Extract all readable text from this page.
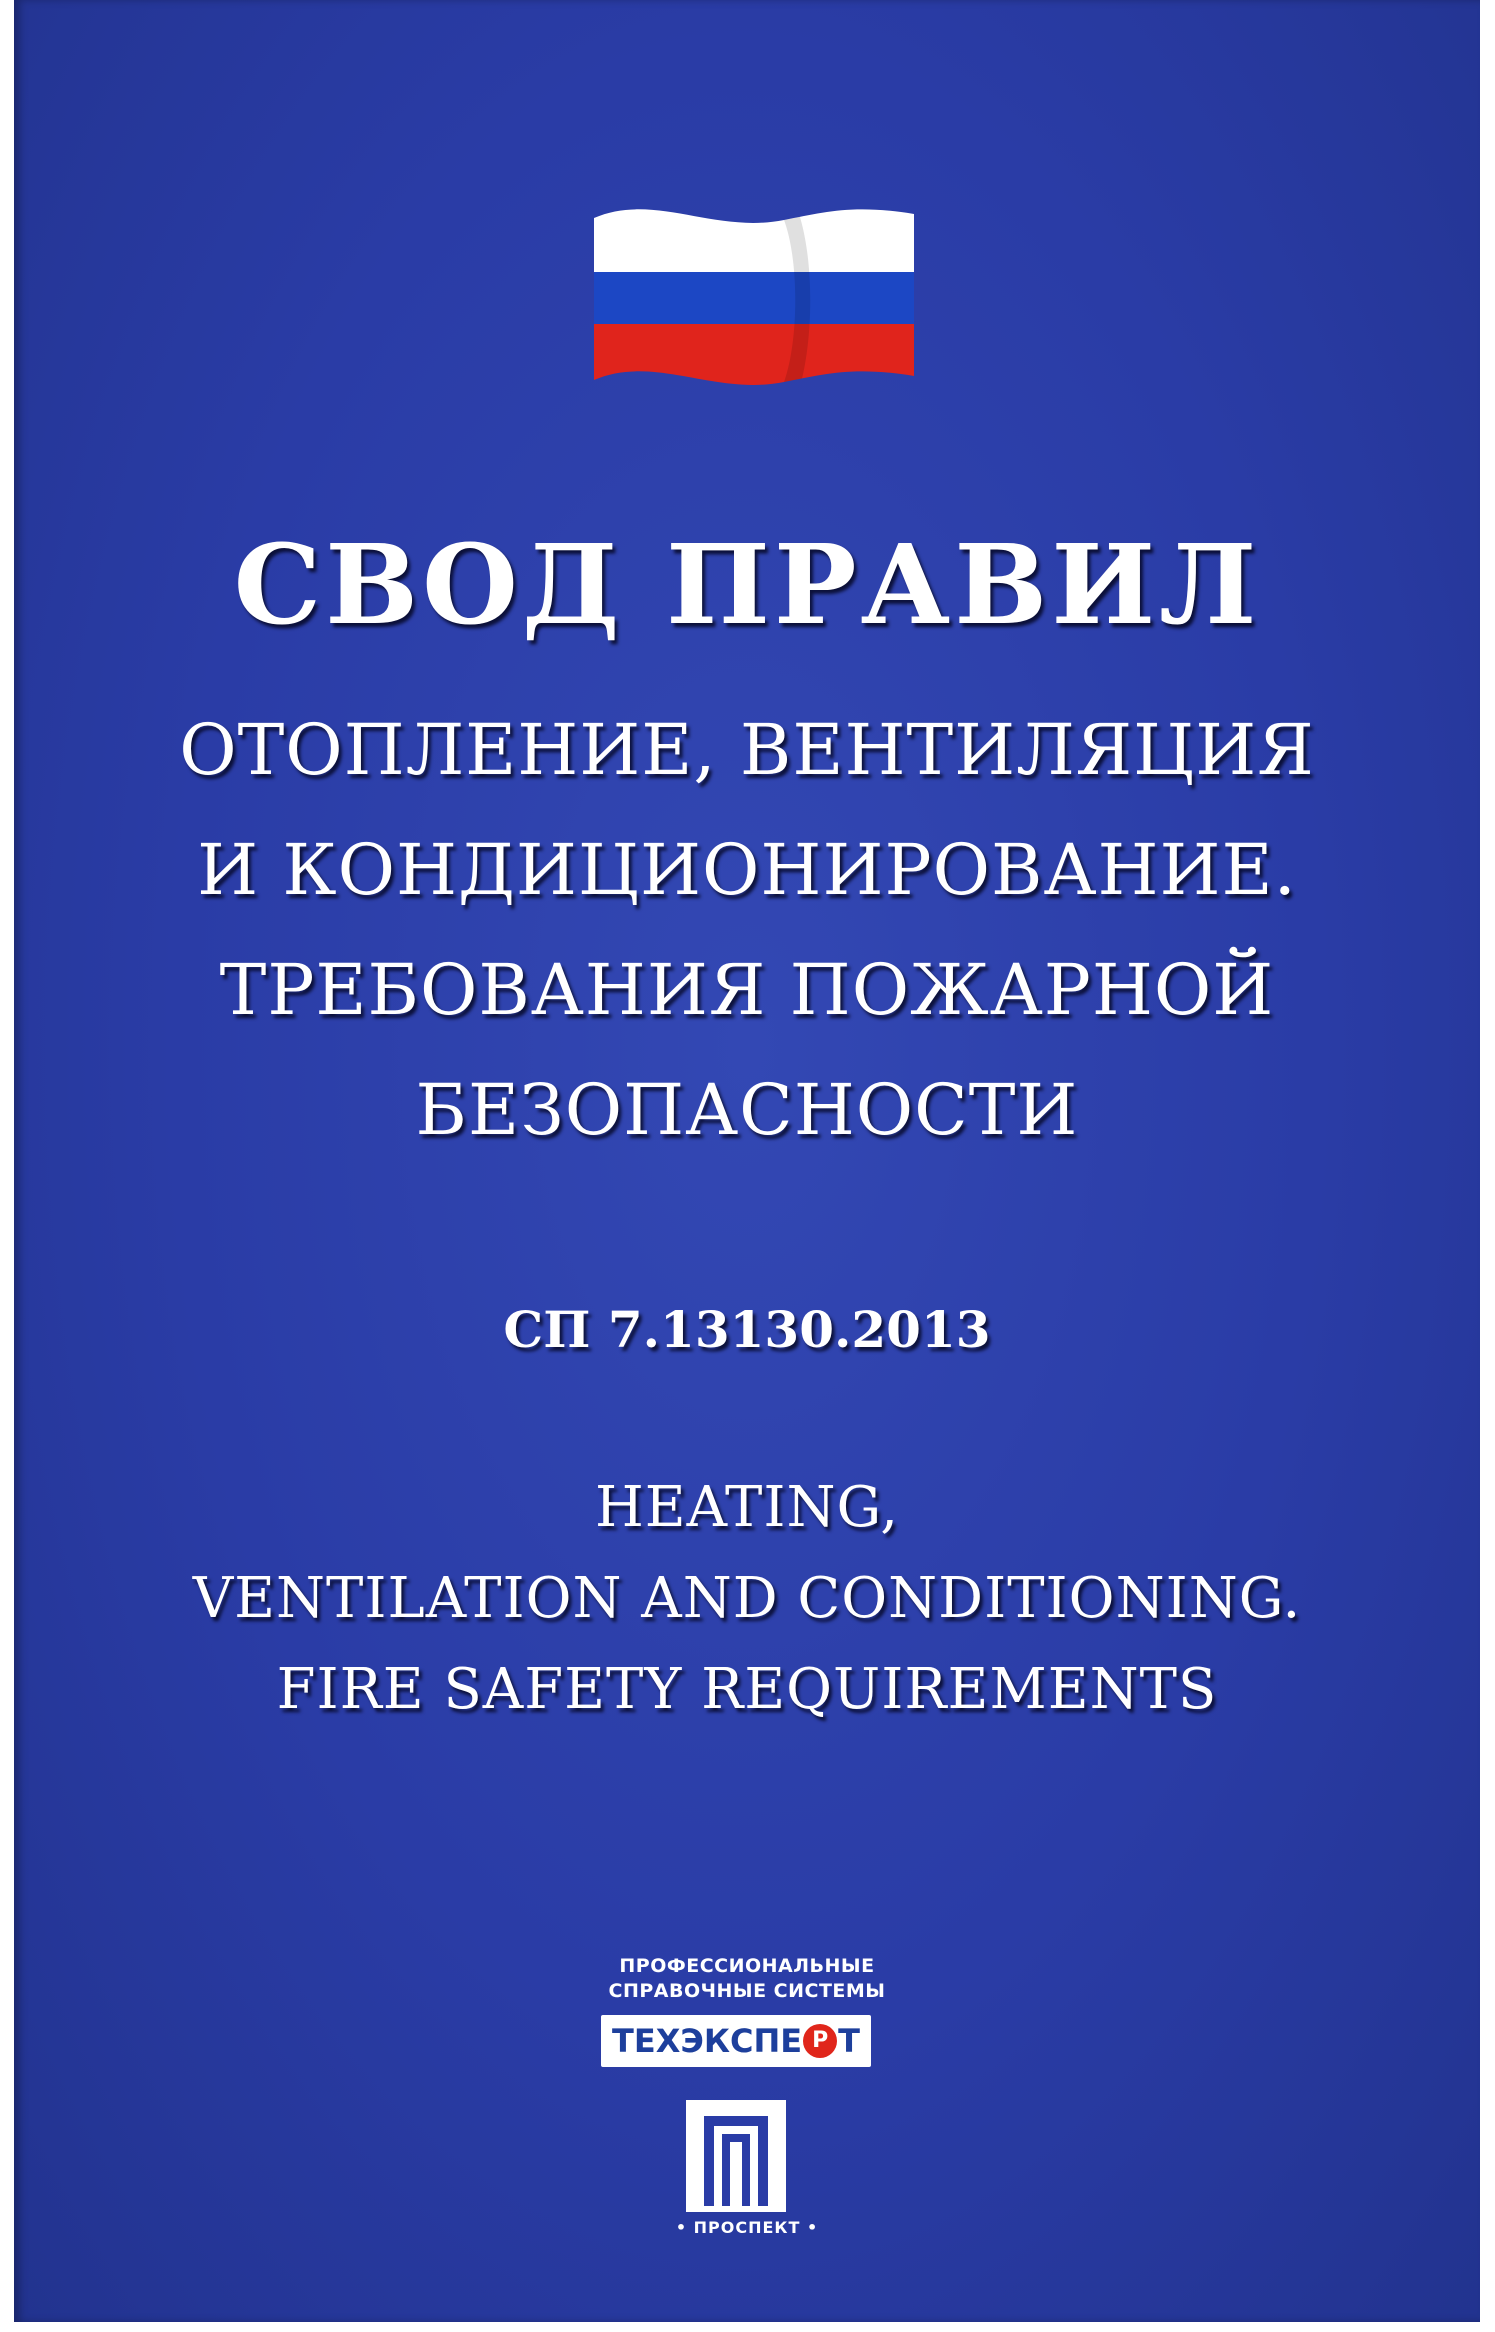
СВОД ПРАВИЛ
ОТОПЛЕНИЕ, ВЕНТИЛЯЦИЯ
И КОНДИЦИОНИРОВАНИЕ.
ТРЕБОВАНИЯ ПОЖАРНОЙ
БЕЗОПАСНОСТИ
СП 7.13130.2013
HEATING,
VENTILATION AND CONDITIONING.
FIRE SAFETY REQUIREMENTS
ПРОФЕССИОНАЛЬНЫЕ
СПРАВОЧНЫЕ СИСТЕМЫ
ТЕХЭКСПЕ Р Т
• ПРОСПЕКТ •
